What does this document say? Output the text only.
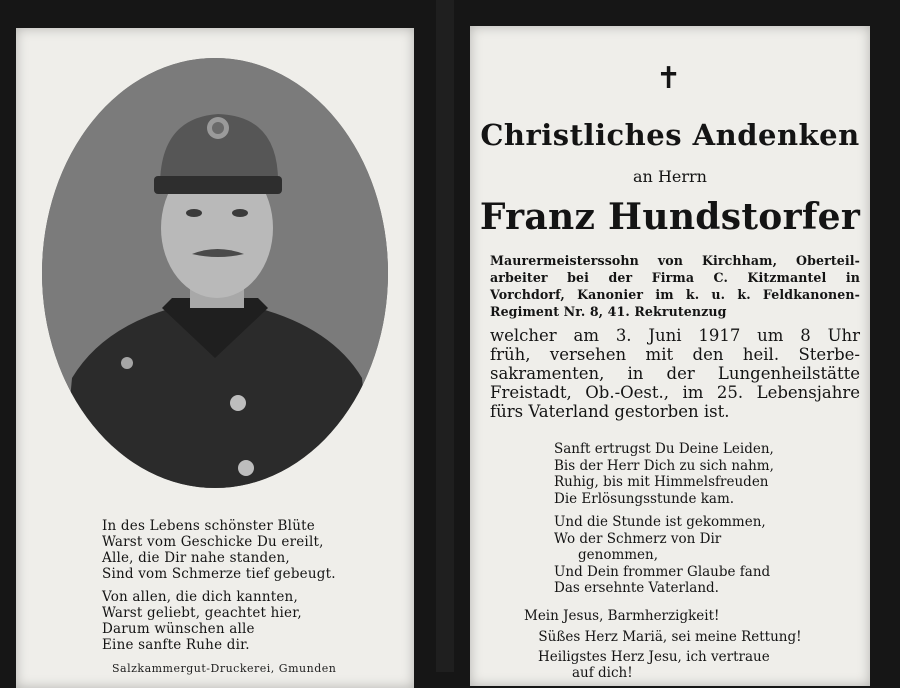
In des Lebens schönster Blüte
Warst vom Geschicke Du ereilt,
Alle, die Dir nahe standen,
Sind vom Schmerze tief gebeugt.
Von allen, die dich kannten,
Warst geliebt, geachtet hier,
Darum wünschen alle
Eine sanfte Ruhe dir.
Salzkammergut-Druckerei, Gmunden
✝
Christliches Andenken
an Herrn
Franz Hundstorfer
Maurermeisterssohn von Kirchham, Oberteil-
arbeiter bei der Firma C. Kitzmantel in
Vorchdorf, Kanonier im k. u. k. Feldkanonen-
Regiment Nr. 8, 41. Rekrutenzug
welcher am 3. Juni 1917 um 8 Uhr
früh, versehen mit den heil. Sterbe-
sakramenten, in der Lungenheilstätte
Freistadt, Ob.-Oest., im 25. Lebensjahre
fürs Vaterland gestorben ist.
Sanft ertrugst Du Deine Leiden,
Bis der Herr Dich zu sich nahm,
Ruhig, bis mit Himmelsfreuden
Die Erlösungsstunde kam.
Und die Stunde ist gekommen,
Wo der Schmerz von Dir
genommen,
Und Dein frommer Glaube fand
Das ersehnte Vaterland.
Mein Jesus, Barmherzigkeit!
Süßes Herz Mariä, sei meine Rettung!
Heiligstes Herz Jesu, ich vertraue
auf dich!
